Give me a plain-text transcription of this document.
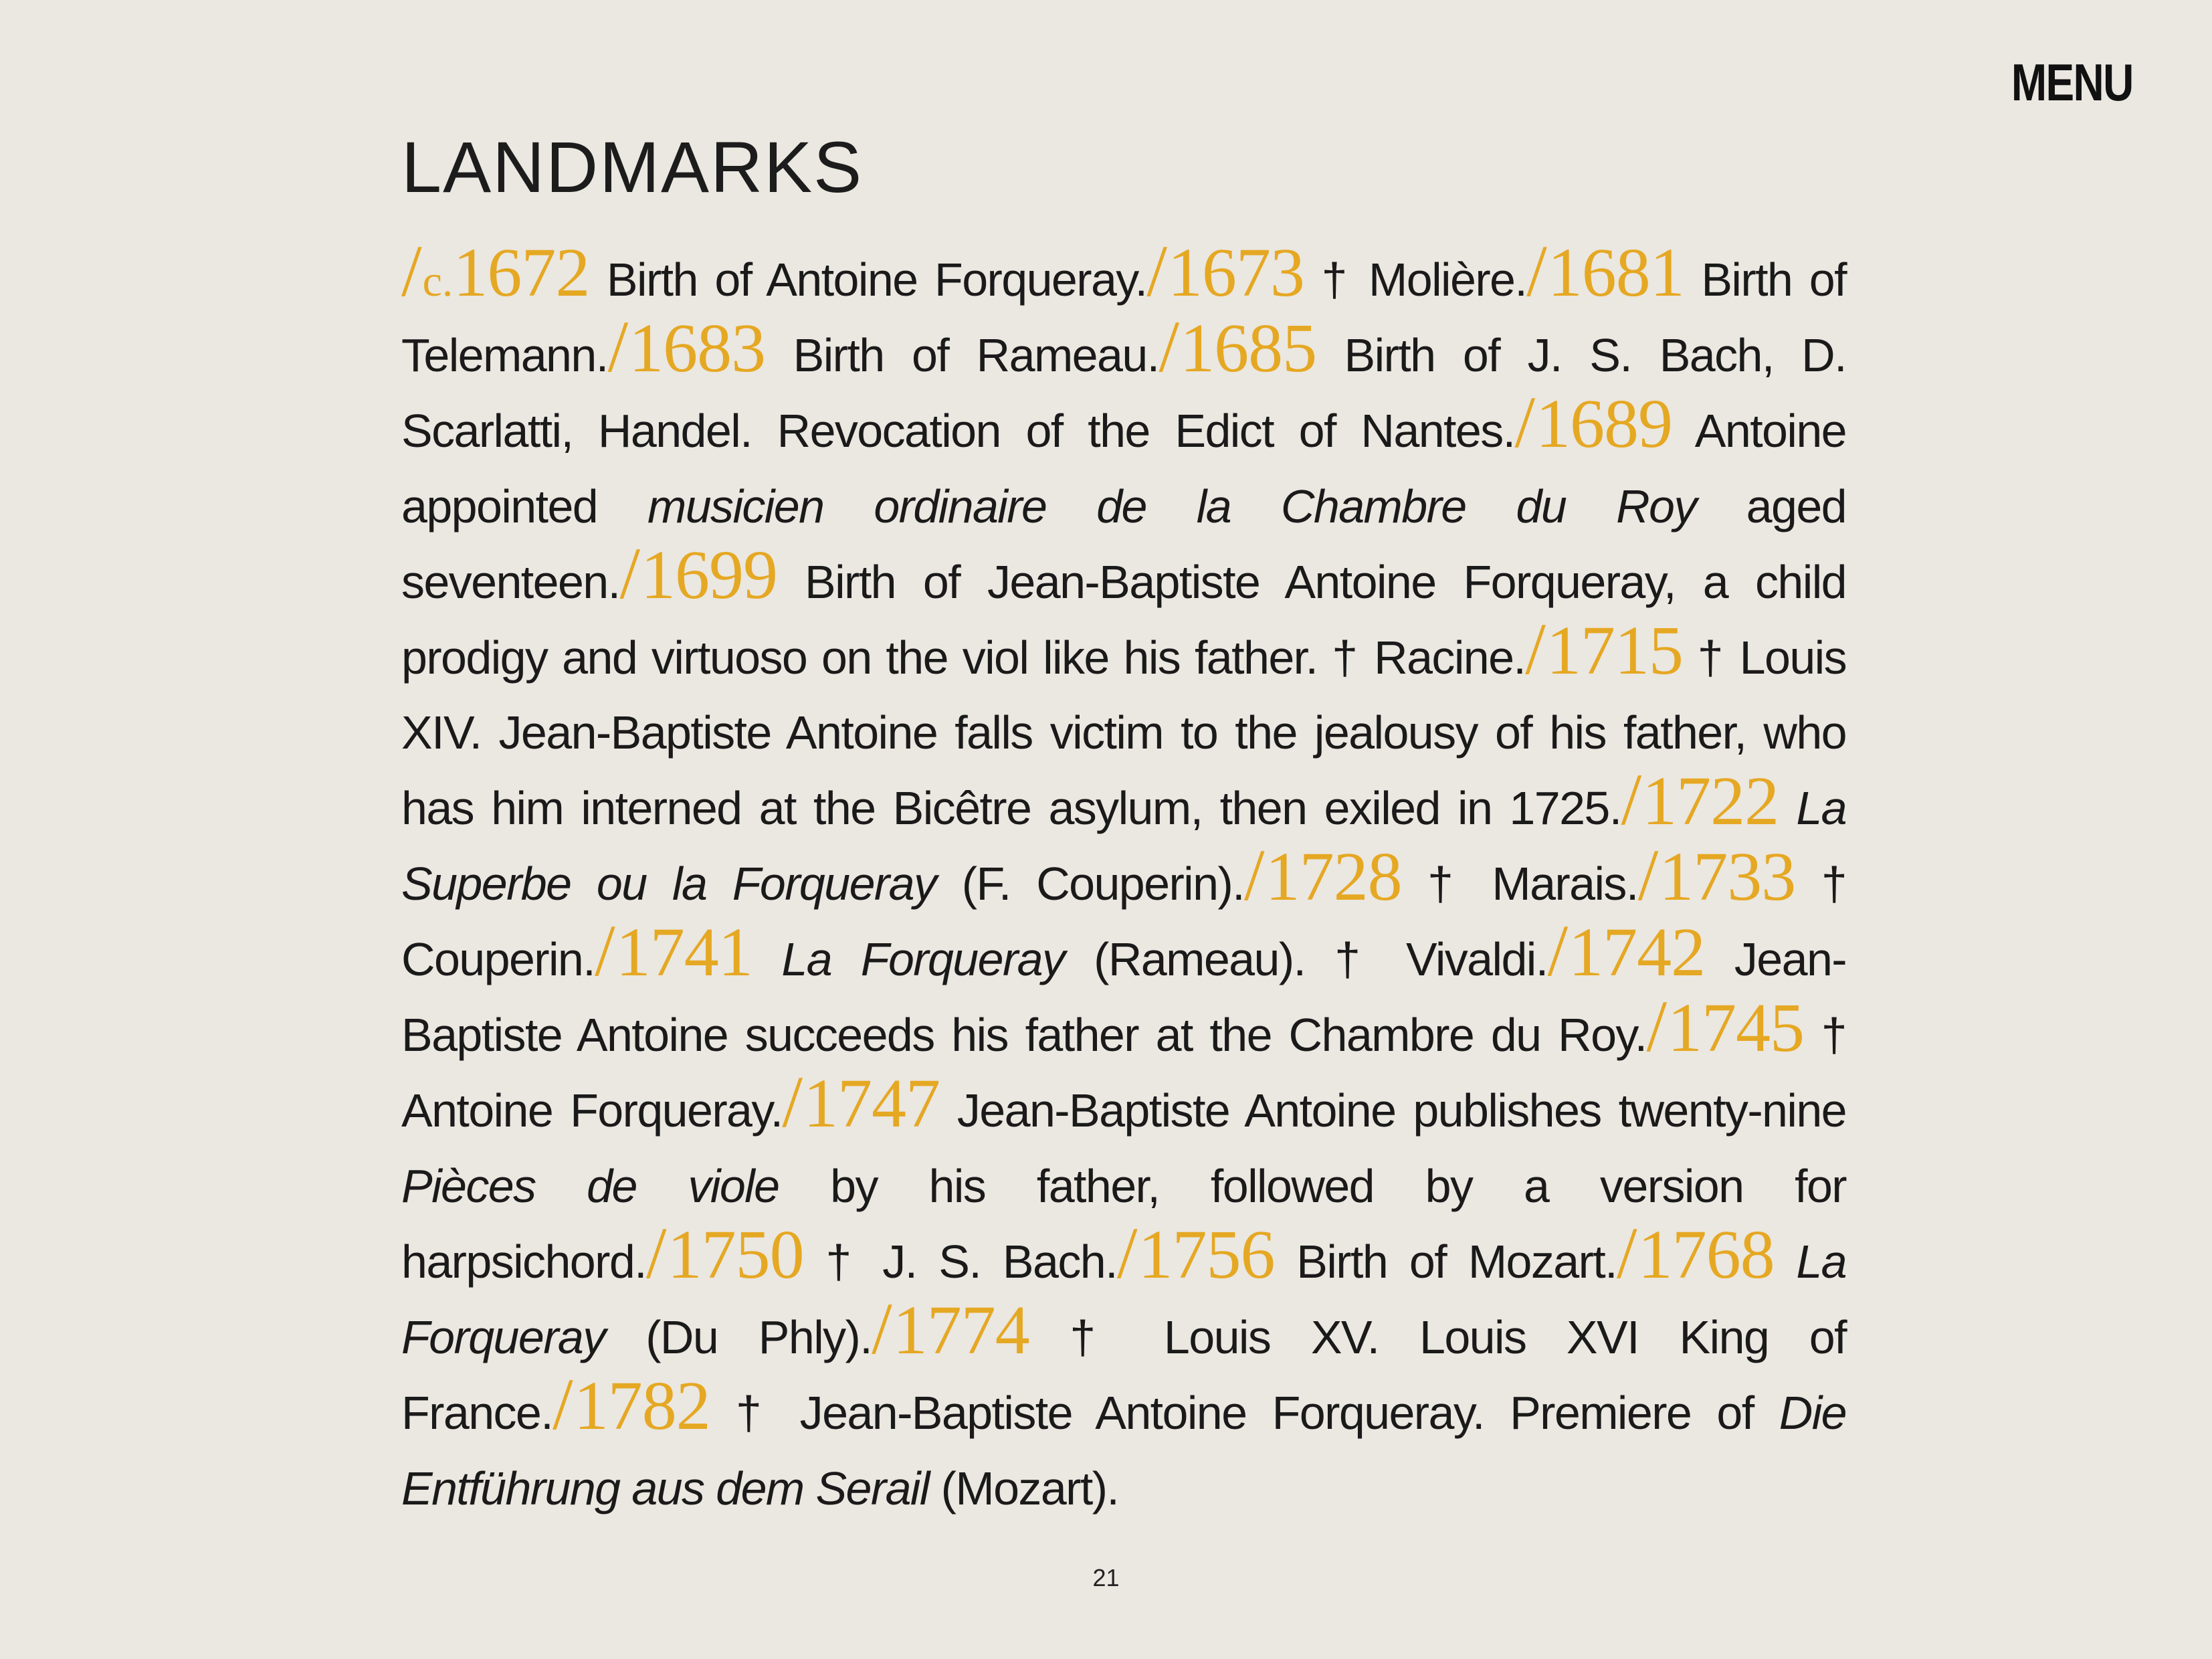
MENU
LANDMARKS
/c.1672 Birth of Antoine Forqueray./1673 † Molière./1681 Birth of Telemann./1683 Birth of Rameau./1685 Birth of J. S. Bach, D. Scarlatti, Handel. Revocation of the Edict of Nantes./1689 Antoine appointed musicien ordinaire de la Chambre du Roy aged seventeen./1699 Birth of Jean-Baptiste Antoine Forqueray, a child prodigy and virtuoso on the viol like his father. † Racine./1715 † Louis XIV. Jean-Baptiste Antoine falls victim to the jealousy of his father, who has him interned at the Bicêtre asylum, then exiled in 1725./1722 La Superbe ou la Forqueray (F. Couperin)./1728 † Marais./1733 † Couperin./1741 La Forqueray (Rameau). † Vivaldi./1742 Jean-Baptiste Antoine succeeds his father at the Chambre du Roy./1745 † Antoine Forqueray./1747 Jean-Baptiste Antoine publishes twenty-nine Pièces de viole by his father, followed by a version for harpsichord./1750 † J. S. Bach./1756 Birth of Mozart./1768 La Forqueray (Du Phly)./1774 † Louis XV. Louis XVI King of France./1782 † Jean-Baptiste Antoine Forqueray. Premiere of Die Entführung aus dem Serail (Mozart).
21
